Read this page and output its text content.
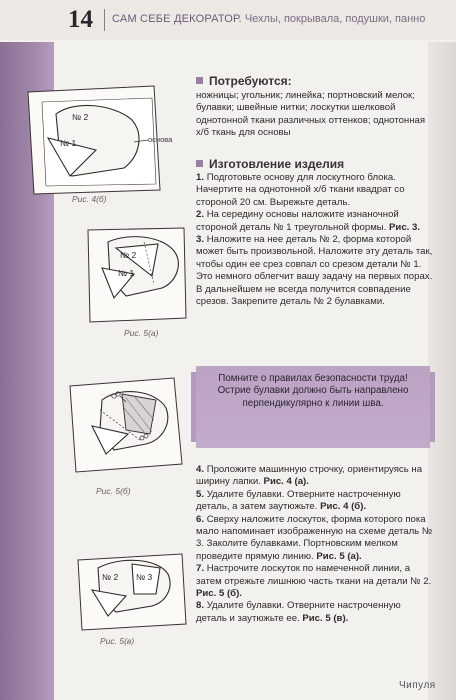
14 САМ СЕБЕ ДЕКОРАТОР. Чехлы, покрывала, подушки, панно
№ 2
№ 1	основа
Рис. 4(б)
№ 2
№ 1
Рис. 5(а)
Рис. 5(б)
№ 2 № 3
Рис. 5(в)
Потребуются:
ножницы; угольник; линейка; портновский мелок; булавки; швейные нитки; лоскутки шелковой однотонной ткани различных оттенков; однотонная х/б ткань для основы
Изготовление изделия

1. Подготовьте основу для лоскутного блока. Начертите на однотонной х/б ткани квадрат со стороной 20 см. Вырежьте деталь.

2. На середину основы наложите изнаночной стороной деталь № 1 треугольной формы. Рис. 3.

3. Наложите на нее деталь № 2, форма которой может быть произвольной. Наложите эту деталь так, чтобы один ее срез совпал со срезом детали № 1. Это немного облегчит вашу задачу на первых порах. В дальнейшем не всегда получится совпадение срезов. Закрепите деталь № 2 булавками.

Помните о правилах безопасности труда! Острие булавки должно быть направлено перпендикулярно к линии шва.

4. Проложите машинную строчку, ориентируясь на ширину лапки. Рис. 4 (а).

5. Удалите булавки. Отверните настроченную деталь, а затем заутюжьте. Рис. 4 (б).

6. Сверху наложите лоскуток, форма которого пока мало напоминает изображенную на схеме деталь № 3. Заколите булавками. Портновским мелком проведите прямую линию. Рис. 5 (а).

7. Настрочите лоскуток по намеченной линии, а затем отрежьте лишнюю часть ткани на детали № 2. Рис. 5 (б).

8. Удалите булавки. Отверните настроченную деталь и заутюжьте ее. Рис. 5 (в).

Чипуля
